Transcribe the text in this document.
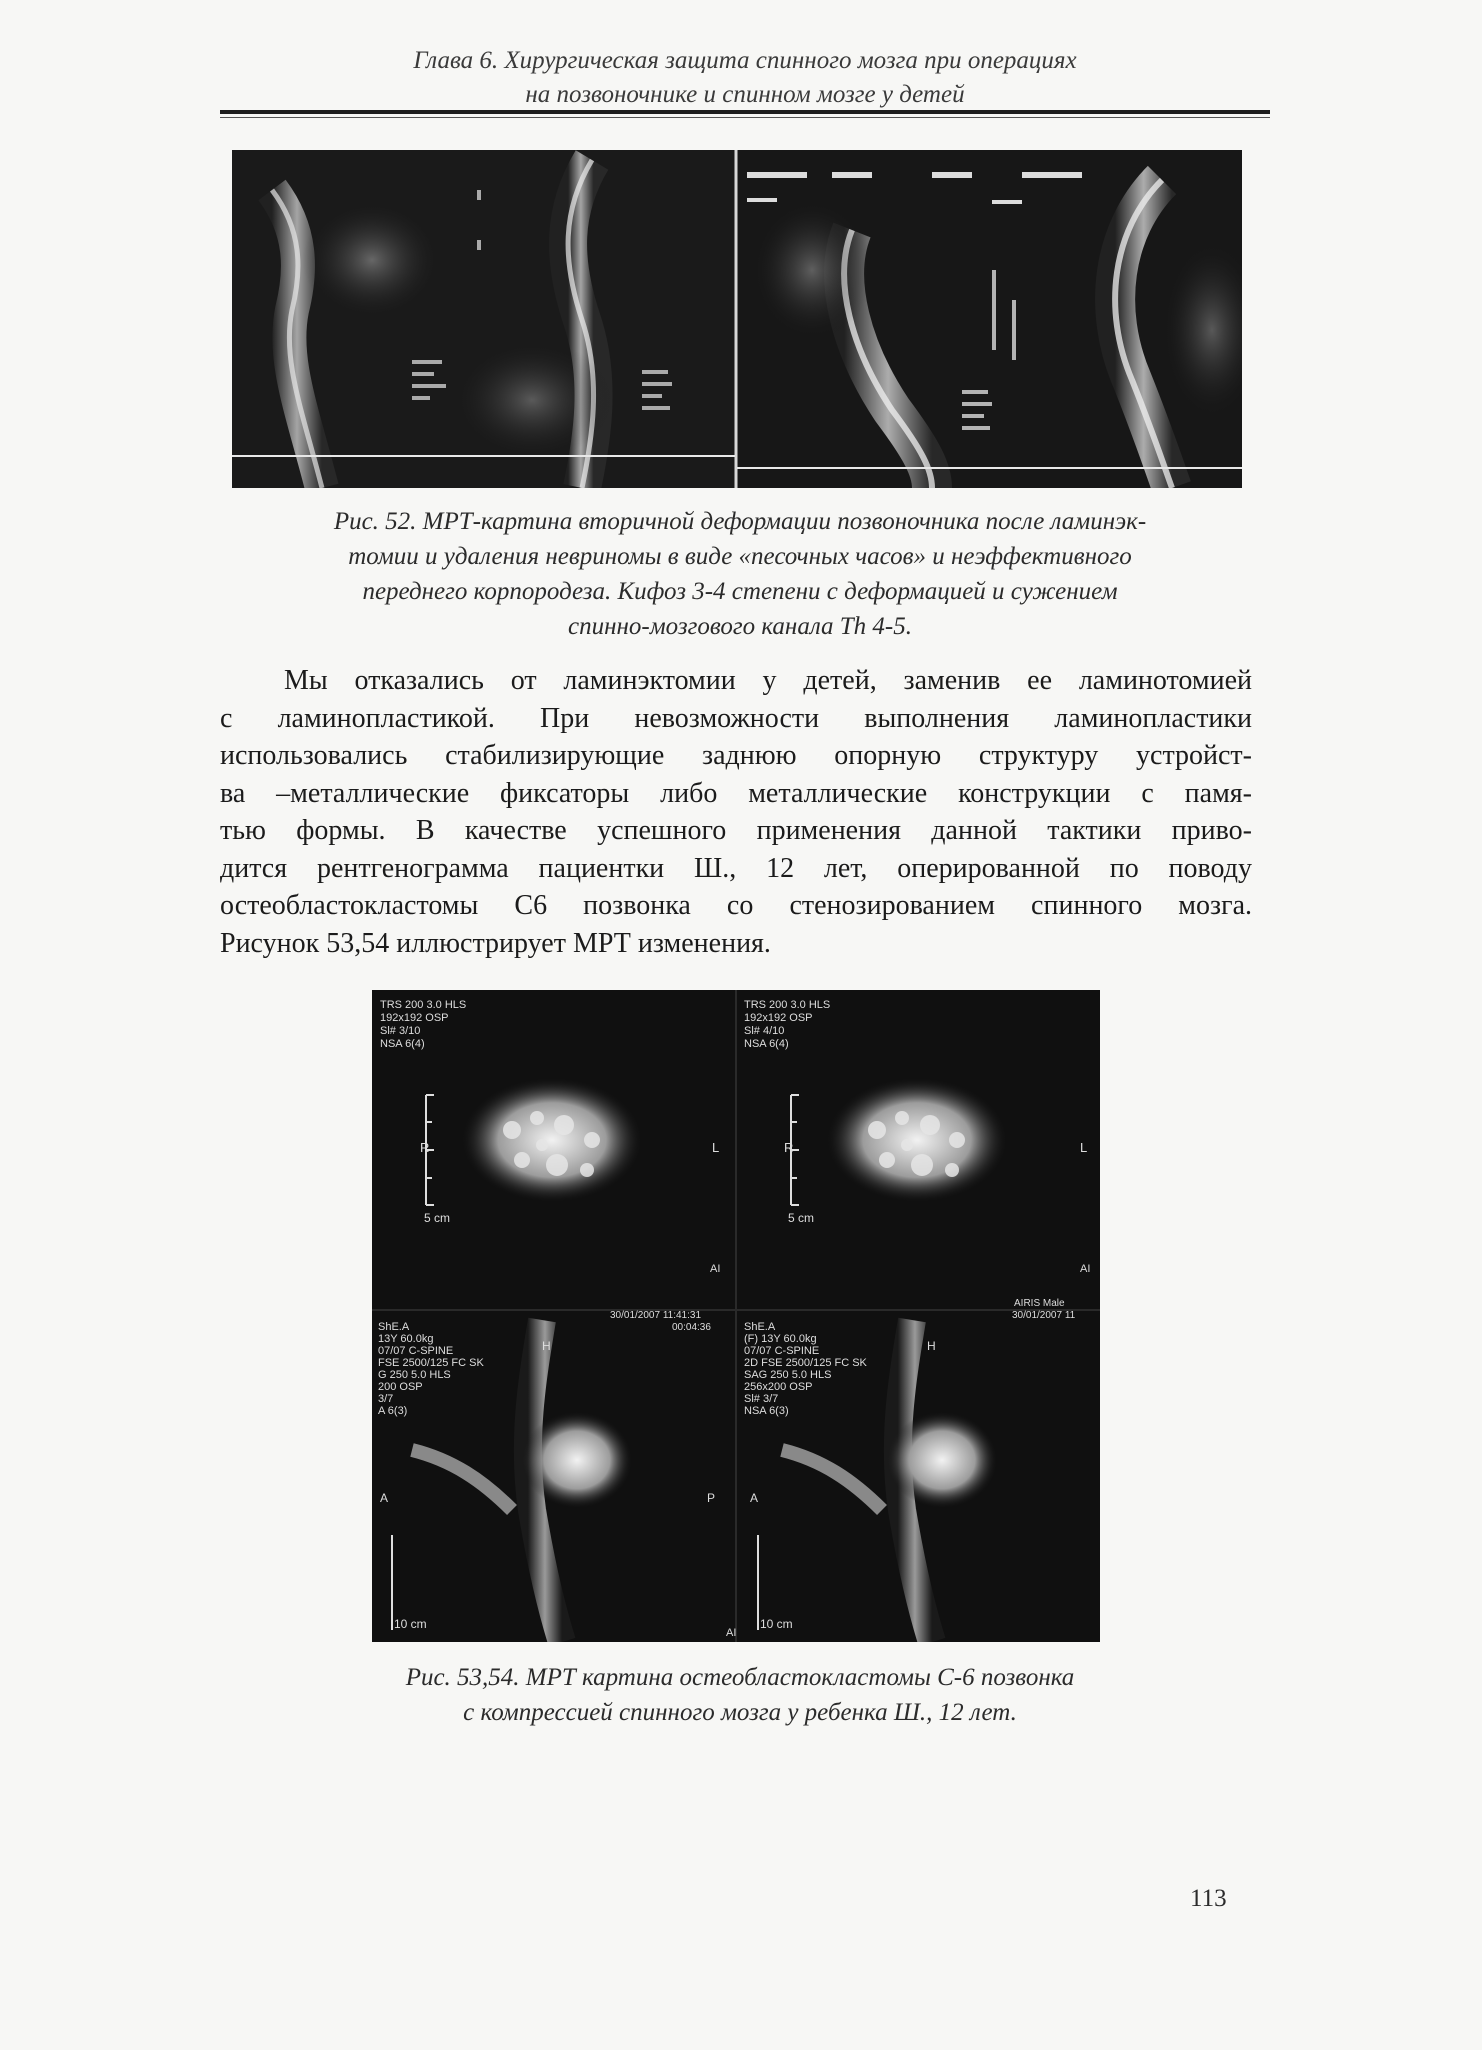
Глава 6. Хирургическая защита спинного мозга при операциях
на позвоночнике и спинном мозге у детей
Рис. 52. МРТ-картина вторичной деформации позвоночника после ламинэк-
томии и удаления невриномы в виде «песочных часов» и неэффективного
переднего корпородеза. Кифоз 3-4 степени с деформацией и сужением
спинно-мозгового канала Th 4-5.
Мы отказались от ламинэктомии у детей, заменив ее ламинотомией
с ламинопластикой. При невозможности выполнения ламинопластики
использовались стабилизирующие заднюю опорную структуру устройст-
ва –металлические фиксаторы либо металлические конструкции с памя-
тью формы. В качестве успешного применения данной тактики приво-
дится рентгенограмма пациентки Ш., 12 лет, оперированной по поводу
остеобластокластомы С6 позвонка со стенозированием спинного мозга.
Рисунок 53,54 иллюстрирует МРТ изменения.
TRS 200 3.0 HLS
192x192 OSP
Sl# 3/10
NSA 6(4)
R	L
5 cm
TRS 200 3.0 HLS
192x192 OSP
Sl# 4/10
NSA 6(4)
R	L
5 cm
AI	AI
30/01/2007 11:41:31
00:04:36
AIRIS Male
30/01/2007 11
ShE.A
13Y 60.0kg
07/07 C-SPINE
FSE 2500/125 FC SK
G 250 5.0 HLS
200 OSP
3/7
A 6(3)
H
A	P
10 cm
ShE.A
(F) 13Y 60.0kg
07/07 C-SPINE
2D FSE 2500/125 FC SK
SAG 250 5.0 HLS
256x200 OSP
Sl# 3/7
NSA 6(3)
H
A
10 cm
AI
Рис. 53,54. МРТ картина остеобластокластомы С-6 позвонка
с компрессией спинного мозга у ребенка Ш., 12 лет.
113
